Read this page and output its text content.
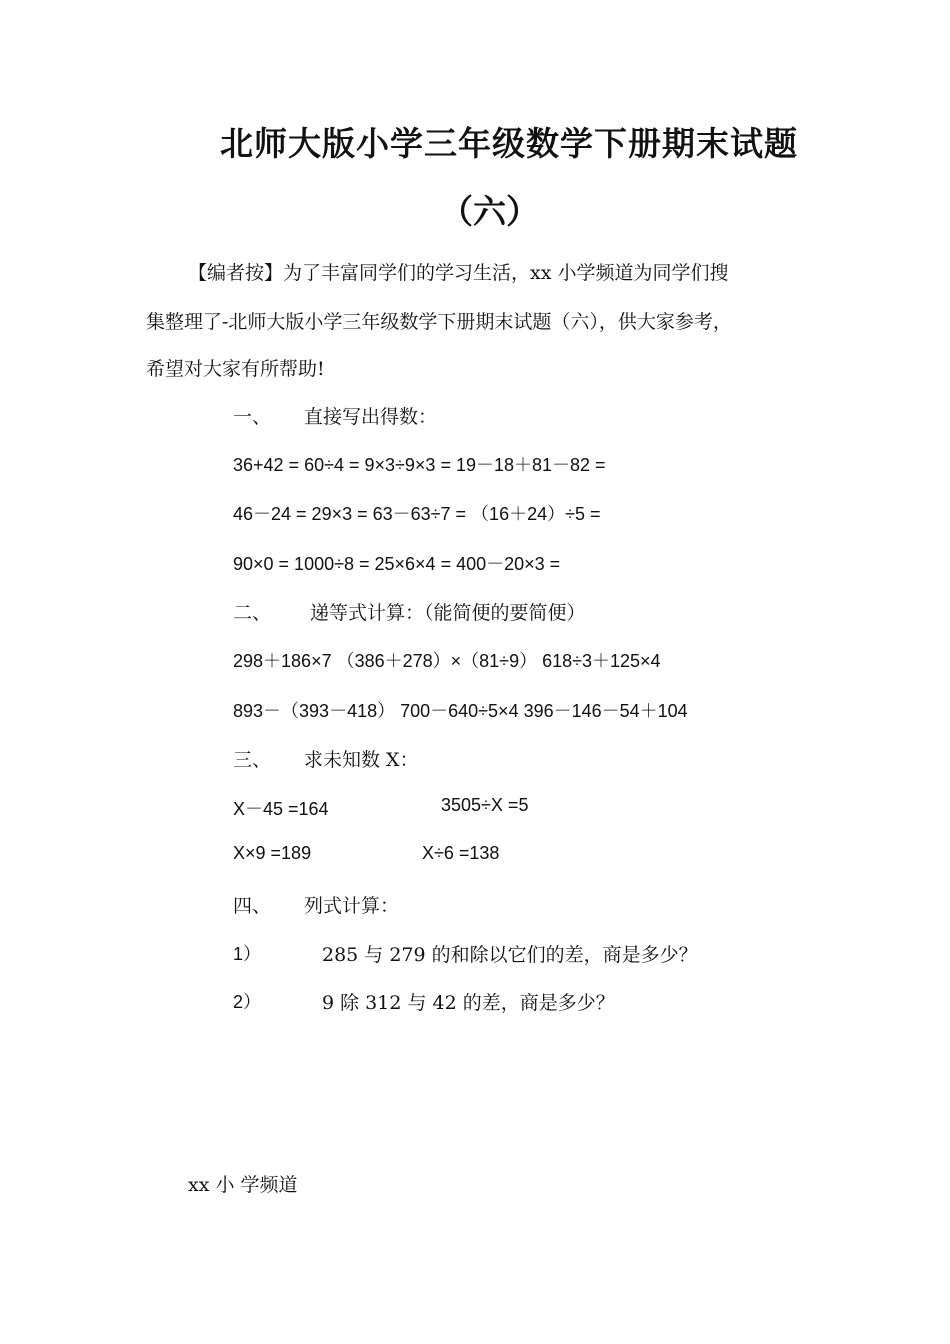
北师大版小学三年级数学下册期末试题
（六）
【编者按】为了丰富同学们的学习生活，xx 小学频道为同学们搜
集整理了-北师大版小学三年级数学下册期末试题（六），供大家参考，
希望对大家有所帮助!
一、 直接写出得数：
36+42 = 60÷4 = 9×3÷9×3 = 19－18＋81－82 =
46－24 = 29×3 = 63－63÷7 = （16＋24）÷5 =
90×0 = 1000÷8 = 25×6×4 = 400－20×3 =
二、 递等式计算：（能简便的要简便）
298＋186×7 （386＋278）×（81÷9） 618÷3＋125×4
893－（393－418） 700－640÷5×4 396－146－54＋104
三、 求未知数 X：
X－45 =164	3505÷X =5
X×9 =189	X÷6 =138
四、 列式计算：
1）	285 与 279 的和除以它们的差，商是多少？
2）	9 除 312 与 42 的差，商是多少？
xx 小 学频道
